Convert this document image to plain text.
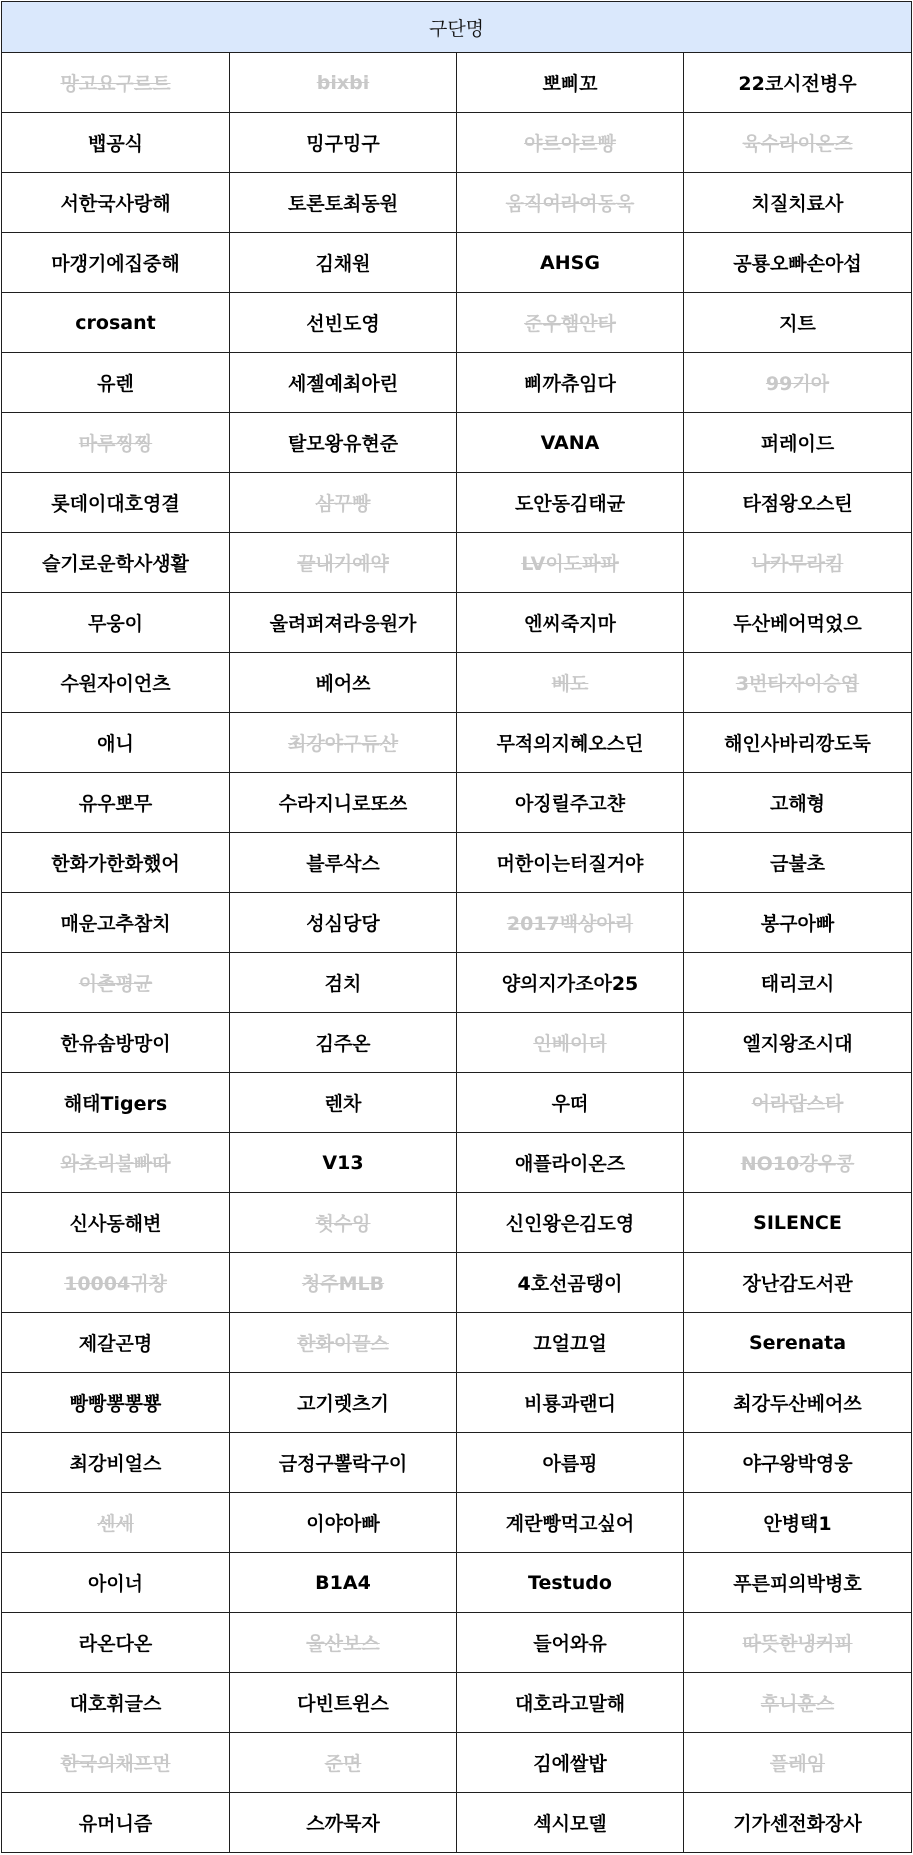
구단명			
망고요구르트	bixbi	뽀삐꼬	22코시전병우
뱁공식	밍구밍구	야르야르빵	육수라이온즈
서한국사랑해	토론토최동원	움직여라여동욱	치질치료사
마갱기에집중해	김채원	AHSG	공룡오빠손아섭
crosant	선빈도영	준우햄안타	지트
유렌	세젤예최아린	삐까츄임다	99기아
마루찡찡	탈모왕유현준	VANA	퍼레이드
롯데이대호영결	삼꾸빵	도안동김태균	타점왕오스틴
슬기로운학사생활	끝내기예약	LV이도파파	나카무라킴
무웅이	울려퍼져라응원가	엔씨죽지마	두산베어먹었으
수원자이언츠	베어쓰	베도	3번타자이승엽
애니	최강야구듀산	무적의지혜오스딘	해인사바리깡도둑
유우뽀무	수라지니로또쓰	아징릴주고챤	고해형
한화가한화했어	블루삭스	머한이는터질거야	금불초
매운고추참치	성심당당	2017백상아리	봉구아빠
이촌평균	검치	양의지가조아25	태리코시
한유솜방망이	김주온	인베이더	엘지왕조시대
해태Tigers	렌차	우떠	어라랍스타
와초리불빠따	V13	애플라이온즈	NO10강우콩
신사동해변	헛수잉	신인왕은김도영	SILENCE
10004귀창	청주MLB	4호선곰탱이	장난감도서관
제갈곤명	한화이끌스	끄얼끄얼	Serenata
빵빵뽕뽕뿅	고기렛츠기	비룡과랜디	최강두산베어쓰
최강비얼스	금정구뽈락구이	아름핑	야구왕박영웅
센세	이야아빠	계란빵먹고싶어	안병택1
아이너	B1A4	Testudo	푸른피의박병호
라온다온	울산보스	들어와유	따뜻한냉커피
대호휘글스	다빈트윈스	대호라고말해	후니훈스
한국의채프먼	준면	김에쌀밥	플레임
유머니즘	스까묵자	섹시모델	기가센전화장사
